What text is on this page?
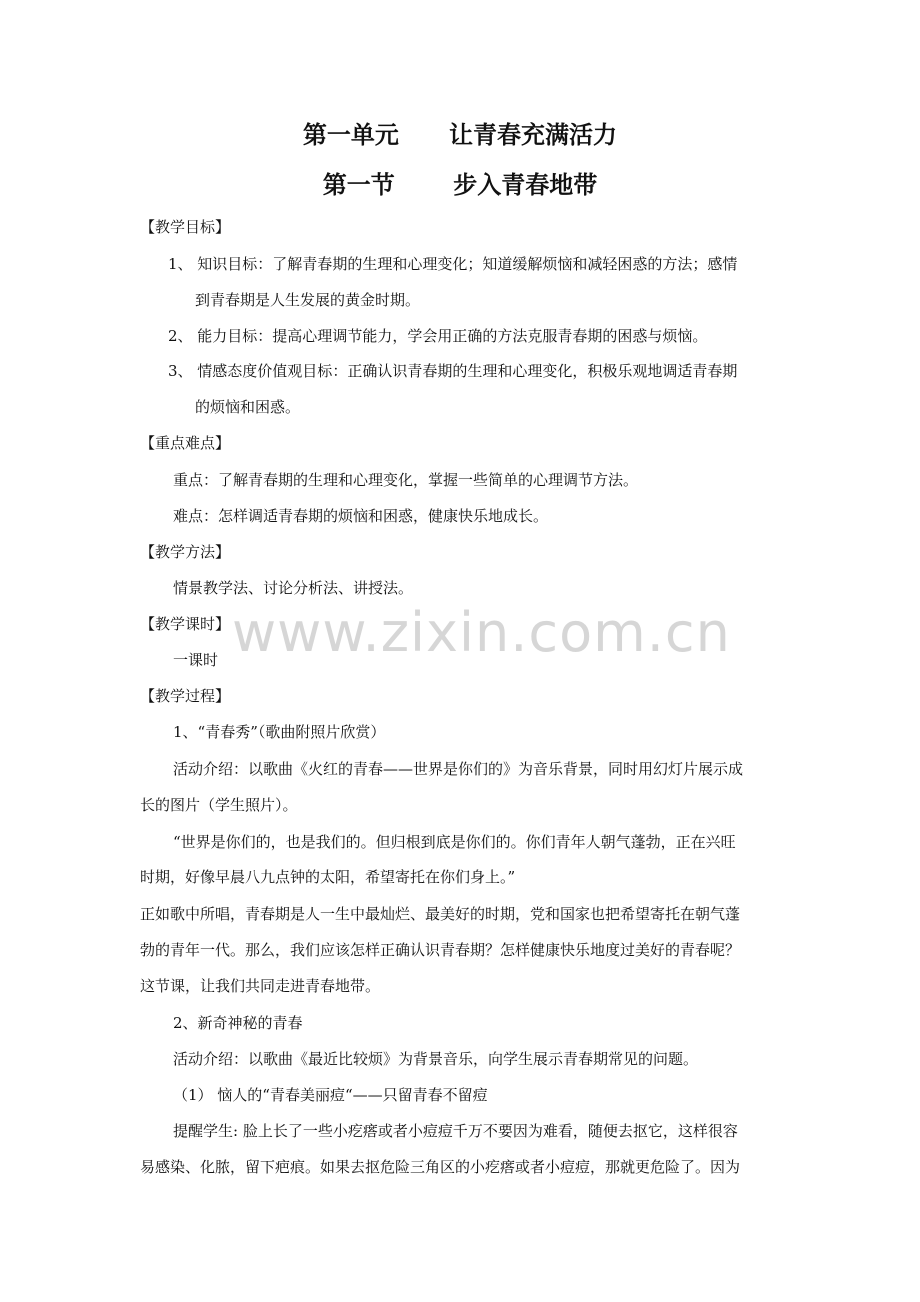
第一单元      让青春充满活力
第一节       步入青春地带
【教学目标】
1、 知识目标：了解青春期的生理和心理变化；知道缓解烦恼和减轻困惑的方法；感情
到青春期是人生发展的黄金时期。
2、 能力目标：提高心理调节能力，学会用正确的方法克服青春期的困惑与烦恼。
3、 情感态度价值观目标：正确认识青春期的生理和心理变化，积极乐观地调适青春期
的烦恼和困惑。
【重点难点】
重点：了解青春期的生理和心理变化，掌握一些简单的心理调节方法。
难点：怎样调适青春期的烦恼和困惑，健康快乐地成长。
【教学方法】
情景教学法、讨论分析法、讲授法。
【教学课时】
一课时
【教学过程】
1、“青春秀”（歌曲附照片欣赏）
活动介绍：以歌曲《火红的青春——世界是你们的》为音乐背景，同时用幻灯片展示成
长的图片（学生照片）。
“世界是你们的，也是我们的。但归根到底是你们的。你们青年人朝气蓬勃，正在兴旺
时期，好像早晨八九点钟的太阳，希望寄托在你们身上。”
正如歌中所唱，青春期是人一生中最灿烂、最美好的时期，党和国家也把希望寄托在朝气蓬
勃的青年一代。那么，我们应该怎样正确认识青春期？怎样健康快乐地度过美好的青春呢？
这节课，让我们共同走进青春地带。
2、新奇神秘的青春
活动介绍：以歌曲《最近比较烦》为背景音乐，向学生展示青春期常见的问题。
（1） 恼人的“青春美丽痘“——只留青春不留痘
提醒学生: 脸上长了一些小疙瘩或者小痘痘千万不要因为难看，随便去抠它，这样很容
易感染、化脓，留下疤痕。如果去抠危险三角区的小疙瘩或者小痘痘，那就更危险了。因为
www.zixin.com.cn
